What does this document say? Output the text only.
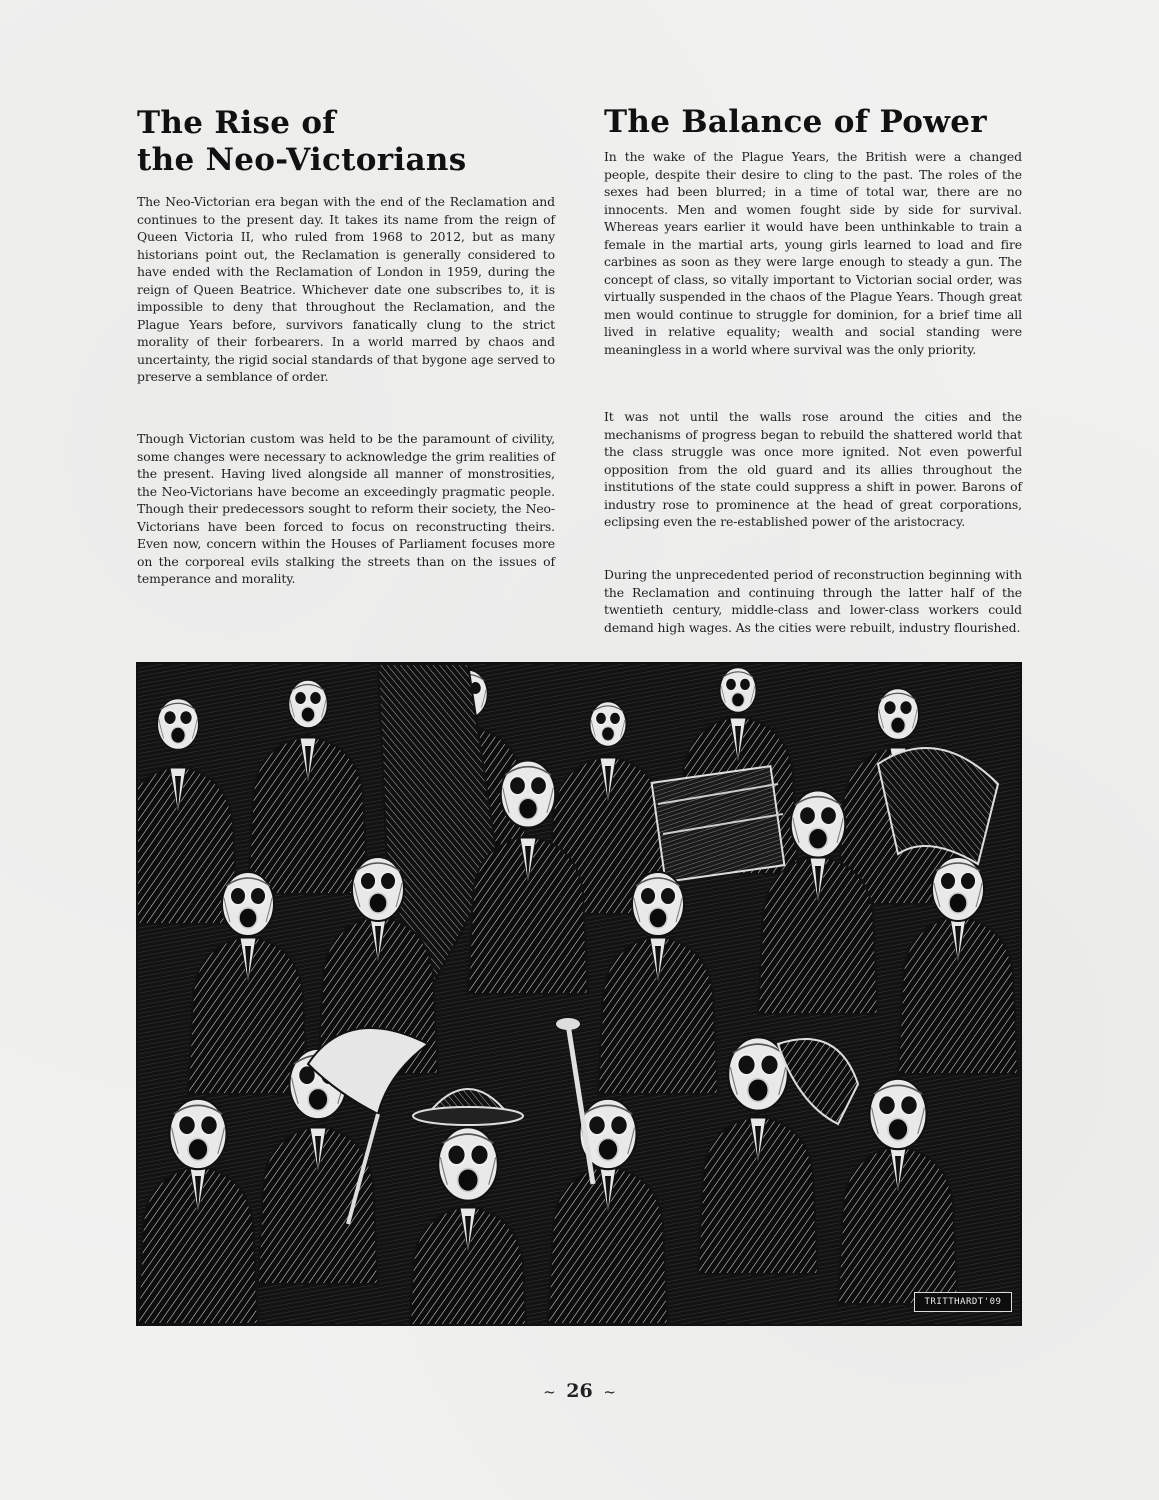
The Rise of
the Neo-Victorians

The Neo-Victorian era began with the end of the Reclamation and continues to the present day. It takes its name from the reign of Queen Victoria II, who ruled from 1968 to 2012, but as many historians point out, the Reclamation is generally considered to have ended with the Reclamation of London in 1959, during the reign of Queen Beatrice. Whichever date one subscribes to, it is impossible to deny that throughout the Reclamation, and the Plague Years before, survivors fanatically clung to the strict morality of their forbearers. In a world marred by chaos and uncertainty, the rigid social standards of that bygone age served to preserve a semblance of order.

Though Victorian custom was held to be the paramount of civility, some changes were necessary to acknowledge the grim realities of the present. Having lived alongside all manner of monstrosities, the Neo-Victorians have become an exceedingly pragmatic people. Though their predecessors sought to reform their society, the Neo-Victorians have been forced to focus on reconstructing theirs. Even now, concern within the Houses of Parliament focuses more on the corporeal evils stalking the streets than on the issues of temperance and morality.

The Balance of Power

In the wake of the Plague Years, the British were a changed people, despite their desire to cling to the past. The roles of the sexes had been blurred; in a time of total war, there are no innocents. Men and women fought side by side for survival. Whereas years earlier it would have been unthinkable to train a female in the martial arts, young girls learned to load and fire carbines as soon as they were large enough to steady a gun. The concept of class, so vitally important to Victorian social order, was virtually suspended in the chaos of the Plague Years. Though great men would continue to struggle for dominion, for a brief time all lived in relative equality; wealth and social standing were meaningless in a world where survival was the only priority.

It was not until the walls rose around the cities and the mechanisms of progress began to rebuild the shattered world that the class struggle was once more ignited. Not even powerful opposition from the old guard and its allies throughout the institutions of the state could suppress a shift in power. Barons of industry rose to prominence at the head of great corporations, eclipsing even the re-established power of the aristocracy.

During the unprecedented period of reconstruction beginning with the Reclamation and continuing through the latter half of the twentieth century, middle-class and lower-class workers could demand high wages. As the cities were rebuilt, industry flourished.

TRITTHARDT'09
~ 26 ~
